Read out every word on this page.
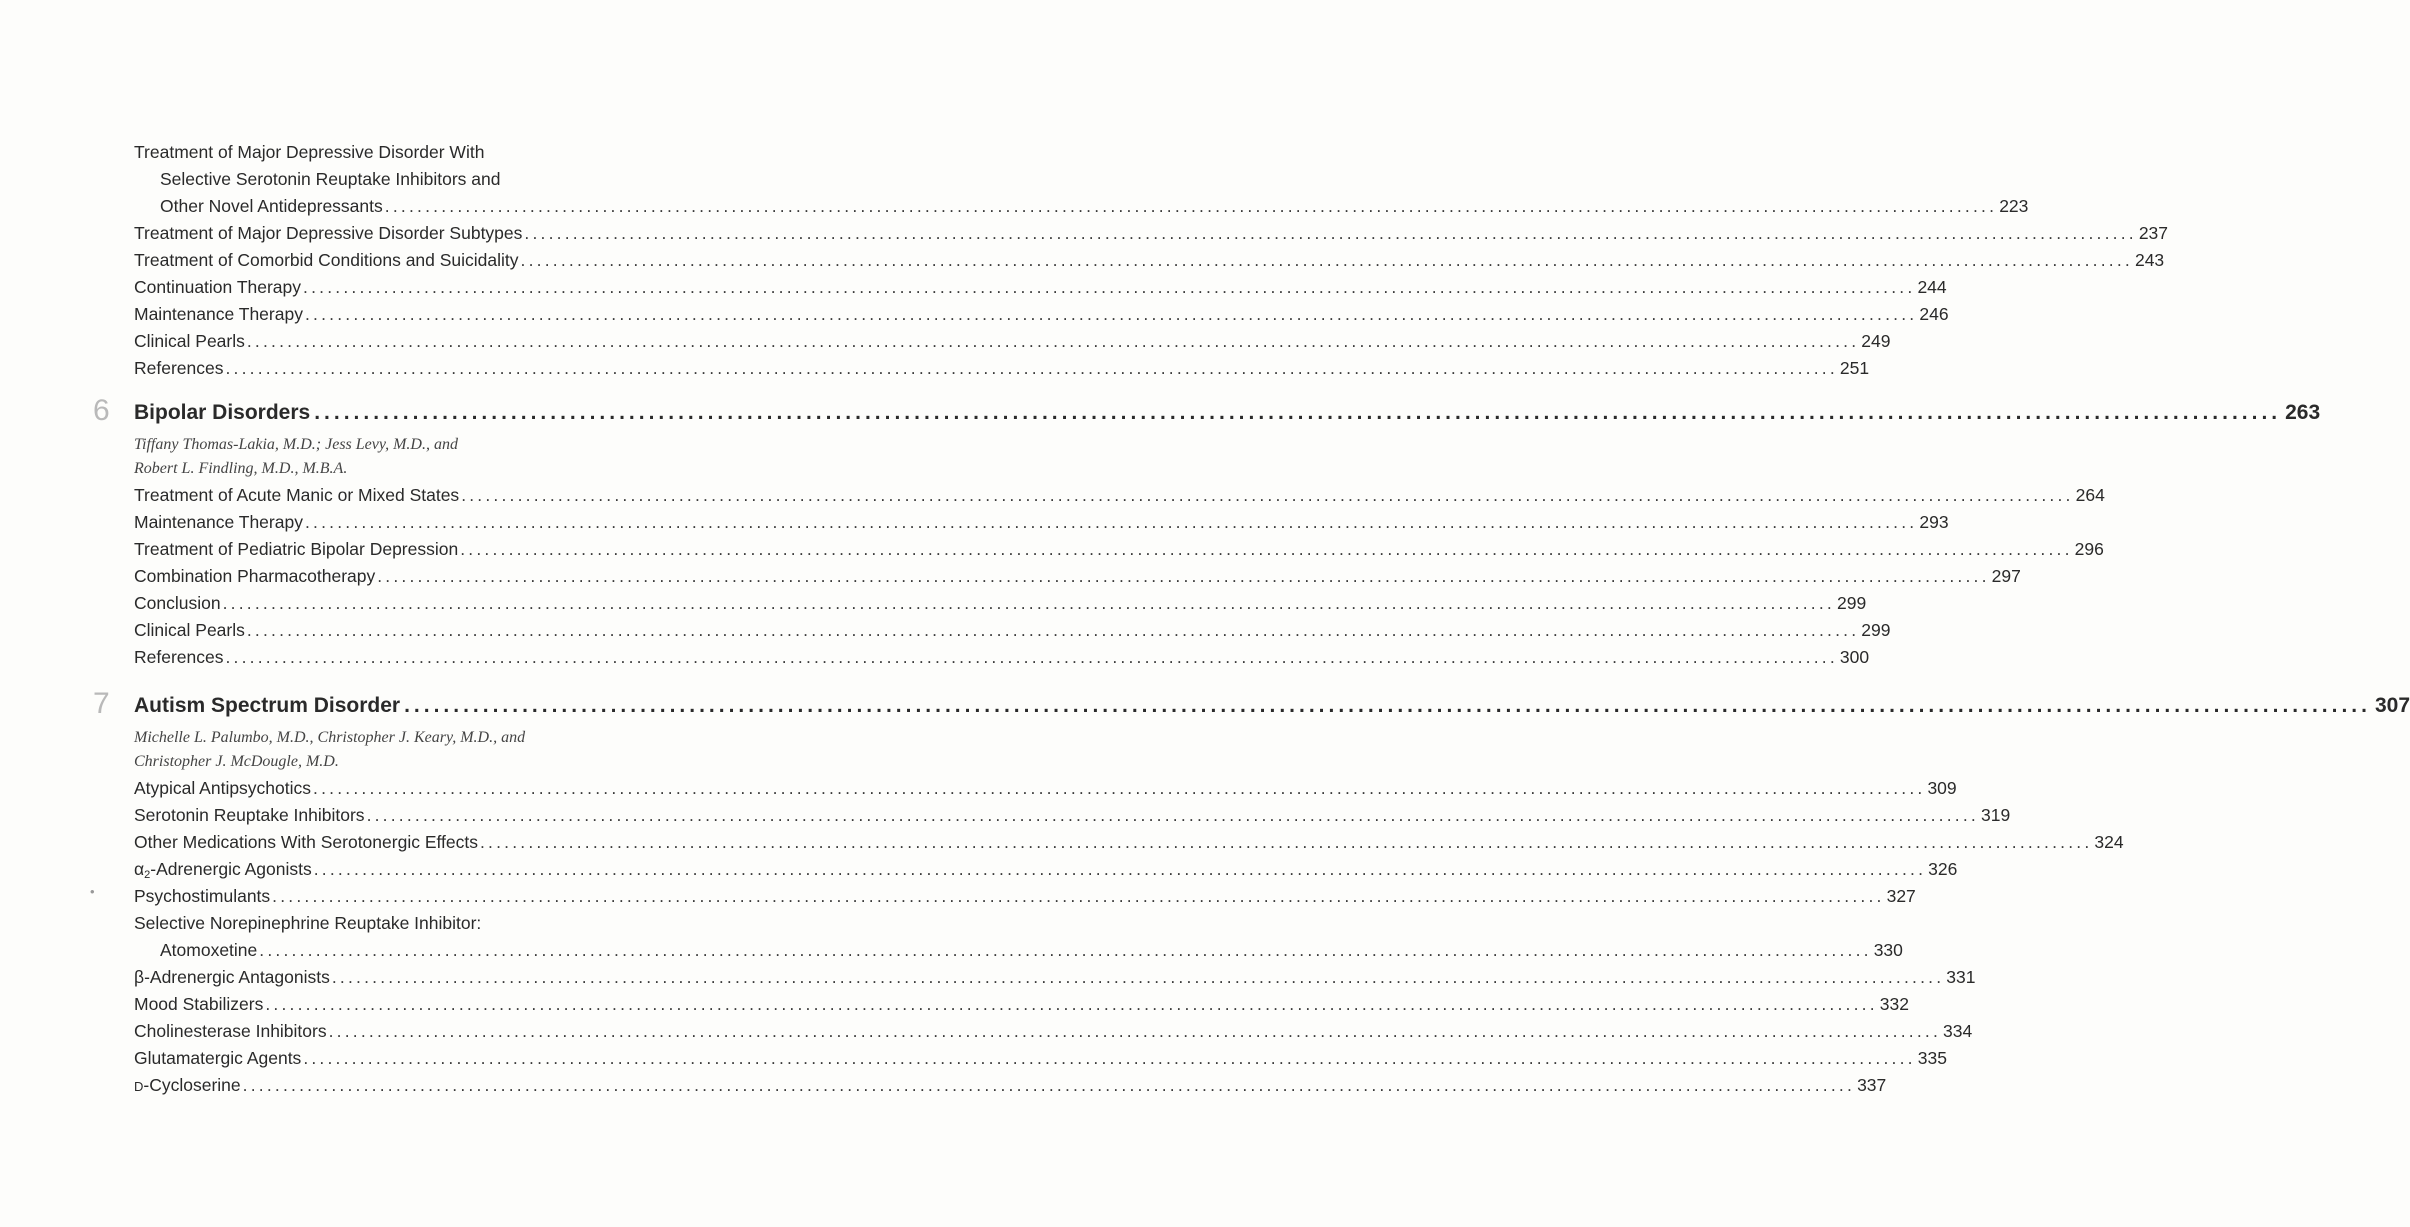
Treatment of Major Depressive Disorder With
Selective Serotonin Reuptake Inhibitors and
Other Novel Antidepressants ........................................................................................................................................................................................................ 223
Treatment of Major Depressive Disorder Subtypes ........................................................................................................................................................................................................ 237
Treatment of Comorbid Conditions and Suicidality ........................................................................................................................................................................................................ 243
Continuation Therapy ........................................................................................................................................................................................................ 244
Maintenance Therapy ........................................................................................................................................................................................................ 246
Clinical Pearls ........................................................................................................................................................................................................ 249
References ........................................................................................................................................................................................................ 251
6 Bipolar Disorders ........................................................................................................................................................................................................ 263
Tiffany Thomas-Lakia, M.D.; Jess Levy, M.D., and
Robert L. Findling, M.D., M.B.A.
Treatment of Acute Manic or Mixed States ........................................................................................................................................................................................................ 264
Maintenance Therapy ........................................................................................................................................................................................................ 293
Treatment of Pediatric Bipolar Depression ........................................................................................................................................................................................................ 296
Combination Pharmacotherapy ........................................................................................................................................................................................................ 297
Conclusion ........................................................................................................................................................................................................ 299
Clinical Pearls ........................................................................................................................................................................................................ 299
References ........................................................................................................................................................................................................ 300
7 Autism Spectrum Disorder ........................................................................................................................................................................................................ 307
Michelle L. Palumbo, M.D., Christopher J. Keary, M.D., and
Christopher J. McDougle, M.D.
Atypical Antipsychotics ........................................................................................................................................................................................................ 309
Serotonin Reuptake Inhibitors ........................................................................................................................................................................................................ 319
Other Medications With Serotonergic Effects ........................................................................................................................................................................................................ 324
$\alpha_2$-Adrenergic Agonists ........................................................................................................................................................................................................ 326
• Psychostimulants ........................................................................................................................................................................................................ 327
Selective Norepinephrine Reuptake Inhibitor:
Atomoxetine ........................................................................................................................................................................................................ 330
β-Adrenergic Antagonists ........................................................................................................................................................................................................ 331
Mood Stabilizers ........................................................................................................................................................................................................ 332
Cholinesterase Inhibitors ........................................................................................................................................................................................................ 334
Glutamatergic Agents ........................................................................................................................................................................................................ 335
D-Cycloserine ........................................................................................................................................................................................................ 337
